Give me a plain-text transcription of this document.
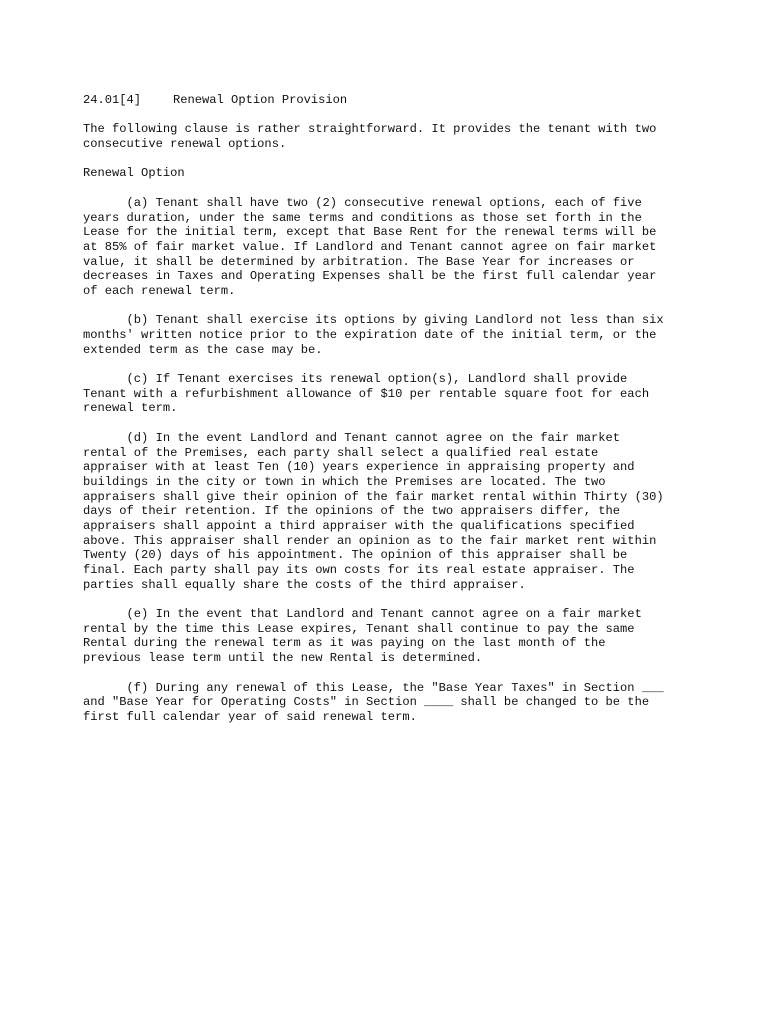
24.01[4]	Renewal Option Provision
The following clause is rather straightforward. It provides the tenant with two
consecutive renewal options.
Renewal Option
(a) Tenant shall have two (2) consecutive renewal options, each of five
years duration, under the same terms and conditions as those set forth in the
Lease for the initial term, except that Base Rent for the renewal terms will be
at 85% of fair market value. If Landlord and Tenant cannot agree on fair market
value, it shall be determined by arbitration. The Base Year for increases or
decreases in Taxes and Operating Expenses shall be the first full calendar year
of each renewal term.
(b) Tenant shall exercise its options by giving Landlord not less than six
months' written notice prior to the expiration date of the initial term, or the
extended term as the case may be.
(c) If Tenant exercises its renewal option(s), Landlord shall provide
Tenant with a refurbishment allowance of $10 per rentable square foot for each
renewal term.
(d) In the event Landlord and Tenant cannot agree on the fair market
rental of the Premises, each party shall select a qualified real estate
appraiser with at least Ten (10) years experience in appraising property and
buildings in the city or town in which the Premises are located. The two
appraisers shall give their opinion of the fair market rental within Thirty (30)
days of their retention. If the opinions of the two appraisers differ, the
appraisers shall appoint a third appraiser with the qualifications specified
above. This appraiser shall render an opinion as to the fair market rent within
Twenty (20) days of his appointment. The opinion of this appraiser shall be
final. Each party shall pay its own costs for its real estate appraiser. The
parties shall equally share the costs of the third appraiser.
(e) In the event that Landlord and Tenant cannot agree on a fair market
rental by the time this Lease expires, Tenant shall continue to pay the same
Rental during the renewal term as it was paying on the last month of the
previous lease term until the new Rental is determined.
(f) During any renewal of this Lease, the "Base Year Taxes" in Section ___
and "Base Year for Operating Costs" in Section ____ shall be changed to be the
first full calendar year of said renewal term.
